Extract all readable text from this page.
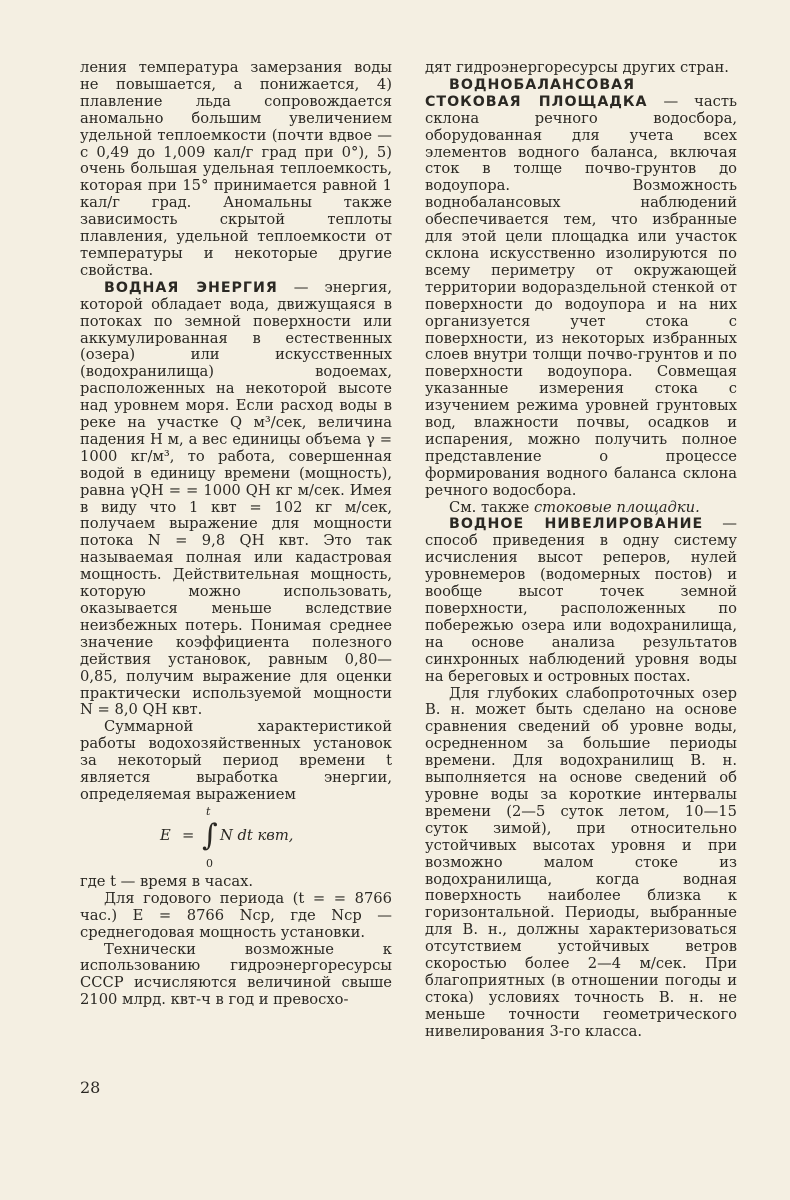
ления температура замерзания воды не повышается, а понижается, 4) плавление льда сопровождается аномально большим увеличением удельной теплоемкости (почти вдвое — с 0,49 до 1,009 кал/г град при 0°), 5) очень большая удельная теплоемкость, которая при 15° принимается равной 1 кал/г град. Аномальны также зависимость скрытой теплоты плавления, удельной теплоемкости от температуры и некоторые другие свойства.

ВОДНАЯ ЭНЕРГИЯ — энергия, которой обладает вода, движущаяся в потоках по земной поверхности или аккумулированная в естественных (озера) или искусственных (водохранилища) водоемах, расположенных на некоторой высоте над уровнем моря. Если расход воды в реке на участке Q м³/сек, величина падения H м, а вес единицы объема γ = 1000 кг/м³, то работа, совершенная водой в единицу времени (мощность), равна γQH = = 1000 QH кг м/сек. Имея в виду что 1 квт = 102 кг м/сек, получаем выражение для мощности потока N = 9,8 QH квт. Это так называемая полная или кадастровая мощность. Действительная мощность, которую можно использовать, оказывается меньше вследствие неизбежных потерь. Понимая среднее значение коэффициента полезного действия установок, равным 0,80— 0,85, получим выражение для оценки практически используемой мощности N = 8,0 QH квт.

Суммарной характеристикой работы водохозяйственных установок за некоторый период времени t является выработка энергии, определяемая выражением

E =
t
∫
0
N dt квт,

где t — время в часах.

Для годового периода (t = = 8766 час.) E = 8766 Nср, где Nср — среднегодовая мощность установки.

Технически возможные к использованию гидроэнергоресурсы СССР исчисляются величиной свыше 2100 млрд. квт-ч в год и превосхо-

дят гидроэнергоресурсы других стран.

ВОДНОБАЛАНСОВАЯ СТОКОВАЯ ПЛОЩАДКА — часть склона речного водосбора, оборудованная для учета всех элементов водного баланса, включая сток в толще почво-грунтов до водоупора. Возможность воднобалансовых наблюдений обеспечивается тем, что избранные для этой цели площадка или участок склона искусственно изолируются по всему периметру от окружающей территории водораздельной стенкой от поверхности до водоупора и на них организуется учет стока с поверхности, из некоторых избранных слоев внутри толщи почво-грунтов и по поверхности водоупора. Совмещая указанные измерения стока с изучением режима уровней грунтовых вод, влажности почвы, осадков и испарения, можно получить полное представление о процессе формирования водного баланса склона речного водосбора.

См. также стоковые площадки.

ВОДНОЕ НИВЕЛИРОВАНИЕ — способ приведения в одну систему исчисления высот реперов, нулей уровнемеров (водомерных постов) и вообще высот точек земной поверхности, расположенных по побережью озера или водохранилища, на основе анализа результатов синхронных наблюдений уровня воды на береговых и островных постах.

Для глубоких слабопроточных озер В. н. может быть сделано на основе сравнения сведений об уровне воды, осредненном за большие периоды времени. Для водохранилищ В. н. выполняется на основе сведений об уровне воды за короткие интервалы времени (2—5 суток летом, 10—15 суток зимой), при относительно устойчивых высотах уровня и при возможно малом стоке из водохранилища, когда водная поверхность наиболее близка к горизонтальной. Периоды, выбранные для В. н., должны характеризоваться отсутствием устойчивых ветров скоростью более 2—4 м/сек. При благоприятных (в отношении погоды и стока) условиях точность В. н. не меньше точности геометрического нивелирования 3-го класса.

28
